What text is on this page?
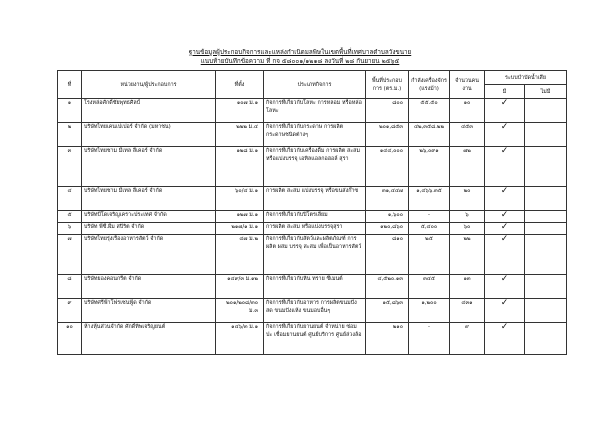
ฐานข้อมูลผู้ประกอบกิจการและแหล่งกำเนิดมลพิษในเขตพื้นที่เทศบาลตำบลวังขนาย
แนบท้ายบันทึกข้อความ ที่ กจ ๕๘๐๐๑/๑๒๑๘ ลงวันที่ ๒๘ กันยายน ๒๕๖๕
ที่	หน่วยงาน/ผู้ประกอบการ	ที่ตั้ง	ประเภทกิจการ	พื้นที่ประกอบการ (ตร.ม.)	กำลังเครื่องจักร (แรงม้า)	จำนวนคนงาน	ระบบบำบัดน้ำเสีย	
							มี	ไม่มี
๑	โรงหล่อศักดิ์ชัยพุทธศิลป์	๑๐๗ ม.๑	กิจการที่เกี่ยวกับโลหะ การหลอม หรือหล่อโลหะ	๘๐๐	๕๕.๕๐	๑๐	✓	
๒	บริษัทไทยเคนเปเปอร์ จำกัด (มหาชน)	๒๒๒ ม.๔	กิจการที่เกี่ยวกับกระดาษ การผลิต กระดาษชนิดต่างๆ	๒๐๑,๘๕๓	๔๒,๓๕๘.๒๒	๔๕๓	✓	
๓	บริษัทไทยชาม มีเทล ลีเคอร์ จำกัด	๑๒๘ ม.๑	กิจการที่เกี่ยวกับเครื่องดื่ม การผลิต สะสม หรือแบ่งบรรจุ เอทิลแอลกอฮอล์ สุรา	๑๔๔,๐๐๐	๒๖,๐๙๑	๗๒	✓	
๔	บริษัทไทยชาม มีเทล ลีเคอร์ จำกัด	๖๐/๔ ม.๑	การผลิต สะสม แบ่งบรรจุ หรือขนส่งก๊าซ	๓๑,๔๔๗	๑,๔๖๖.๓๕	๒๐	✓	
๕	บริษัทบีโดเจริญเคราะประเทศ จำกัด	๑๒๗ ม.๑	กิจการที่เกี่ยวกับปิโตรเลียม	๑,๖๐๐	-	๖	✓	
๖	บริษัท พีซี.ผีม สปิริต จำกัด	๒๑๗/๑ ม.๑	การผลิต สะสม หรือแบ่งบรรจุสุรา	๑๒๐,๘๖๐	๕,๔๐๐	๖๐	✓	
๗	บริษัทไทยรุ่งเรืองอาหารสัตว์ จำกัด	๔๗ ม.๒	กิจการที่เกี่ยวกับสัตว์และผลิตภัณฑ์ การผลิต ผสม บรรจุ สะสม เพื่อเป็นอาหารสัตว์	๘๑๐	๒๕	๒๒	✓	
๘	บริษัทยองคอนกรีต จำกัด	๑๔๙/๓ ม.๑๒	กิจการที่เกี่ยวกับหิน ทราย ซีเมนต์	๔,๕๒๐.๑๓	๓๔๕	๑๓	✓	
๙	บริษัทศรีฟ้าโฟรเซนฟู้ด จำกัด	๒๐๑/๒๐๘/๓๐ ม.๓	กิจการที่เกี่ยวกับอาหาร การผลิตขนมปังสด ขนมปังแห้ง ขนมอบอื่นๆ	๑๕,๘๖๓	๑,๒๐๐	๔๓๑	✓	
๑๐	ห้างหุ้นส่วนจำกัด ศักดิ์ทิพเจริญยนต์	๑๔๖/๓ ม.๑	กิจการที่เกี่ยวกับยานยนต์ จำหน่าย ซ่อม ปะ เชื่อมยานยนต์ ศูนย์บริการ ศูนย์ล่วงล้อ	๒๑๐	-	๙	✓	
